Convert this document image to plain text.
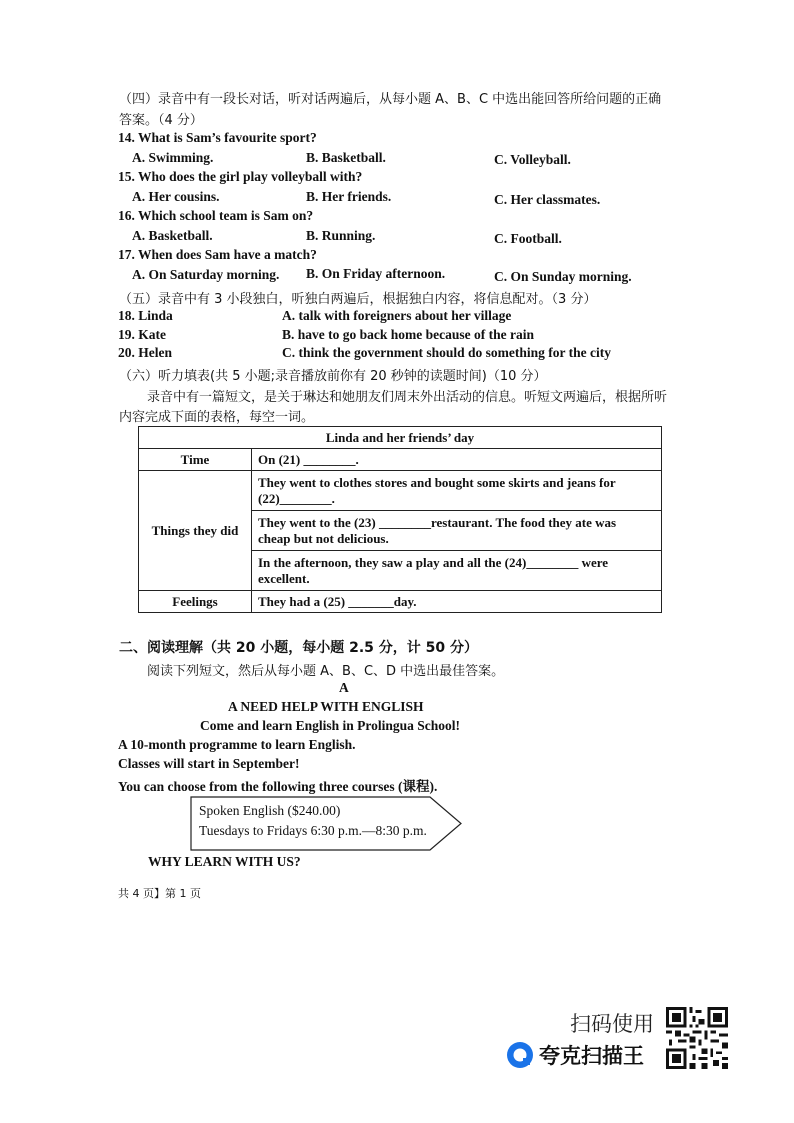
（四）录音中有一段长对话，听对话两遍后，从每小题 A、B、C 中选出能回答所给问题的正确
答案。（4 分）
14. What is Sam’s favourite sport?
A. Swimming.	B. Basketball.	C. Volleyball.
15. Who does the girl play volleyball with?
A. Her cousins.	B. Her friends.	C. Her classmates.
16. Which school team is Sam on?
A. Basketball.	B. Running.	C. Football.
17. When does Sam have a match?
A. On Saturday morning. B. On Friday afternoon.	C. On Sunday morning.
（五）录音中有 3 小段独白，听独白两遍后，根据独白内容，将信息配对。（3 分）
18. Linda	A. talk with foreigners about her village
19. Kate	B. have to go back home because of the rain
20. Helen	C. think the government should do something for the city
（六）听力填表(共 5 小题;录音播放前你有 20 秒钟的读题时间)（10 分）
录音中有一篇短文，是关于琳达和她朋友们周末外出活动的信息。听短文两遍后，根据所听
内容完成下面的表格，每空一词。
Linda and her friends’ day	
Time	On (21) ________.
Things they did	They went to clothes stores and bought some skirts and jeans for
(22)________.
	They went to the (23) ________restaurant. The food they ate was
cheap but not delicious.
	In the afternoon, they saw a play and all the (24)________ were
excellent.
Feelings	They had a (25) _______day.
二、阅读理解（共 20 小题，每小题 2.5 分，计 50 分）
阅读下列短文，然后从每小题 A、B、C、D 中选出最佳答案。
A
A NEED HELP WITH ENGLISH
Come and learn English in Prolingua School!
A 10-month programme to learn English.
Classes will start in September!
You can choose from the following three courses (课程).
Spoken English ($240.00)
Tuesdays to Fridays 6:30 p.m.—8:30 p.m.
WHY LEARN WITH US?
共 4 页】第 1 页
扫码使用
夸克扫描王
